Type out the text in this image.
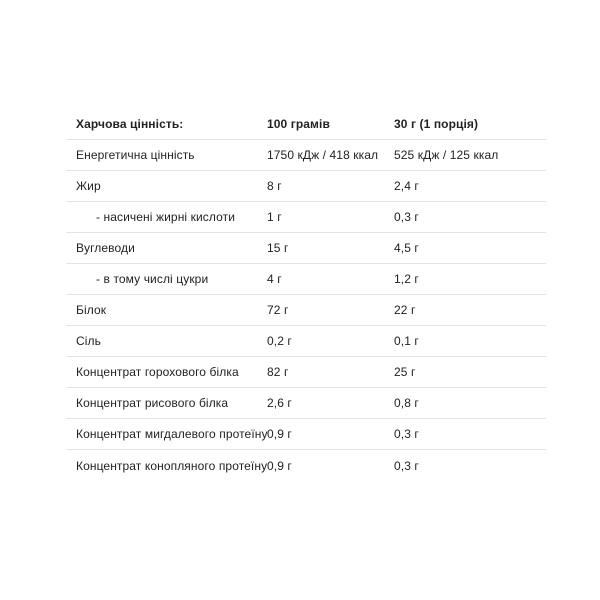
Харчова цінність:	100 грамів	30 г (1 порція)
Енергетична цінність	1750 кДж / 418 ккал	525 кДж / 125 ккал
Жир	8 г	2,4 г
- насичені жирні кислоти	1 г	0,3 г
Вуглеводи	15 г	4,5 г
- в тому числі цукри	4 г	1,2 г
Білок	72 г	22 г
Сіль	0,2 г	0,1 г
Концентрат горохового білка	82 г	25 г
Концентрат рисового білка	2,6 г	0,8 г
Концентрат мигдалевого протеїну 0,9 г	0,3 г
Концентрат конопляного протеїну 0,9 г	0,3 г
